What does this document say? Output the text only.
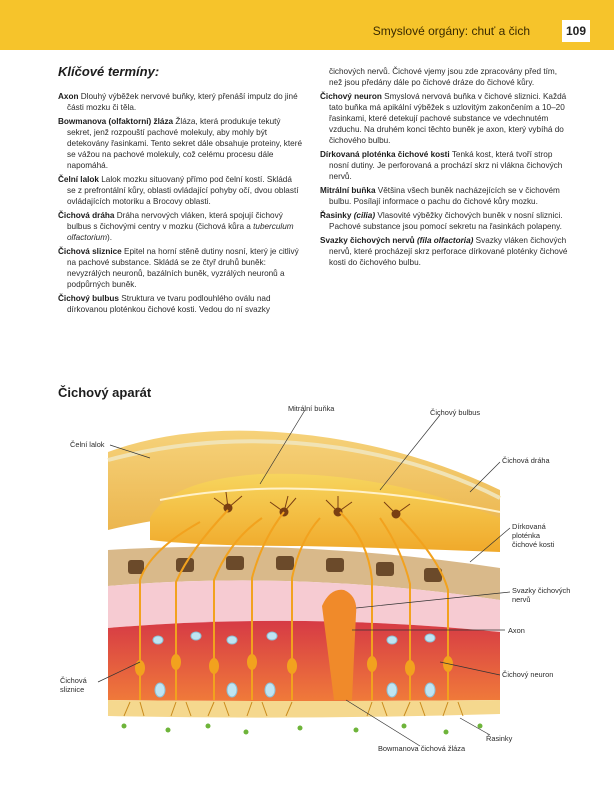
Smyslové orgány: chuť a čich	109
Klíčové termíny:
Axon Dlouhý výběžek nervové buňky, který přenáší impulz do jiné části mozku či těla.
Bowmanova (olfaktorní) žláza Žláza, která produkuje tekutý sekret, jenž rozpouští pachové molekuly, aby mohly být detekovány řasinkami. Tento sekret dále obsahuje proteiny, které se vážou na pachové molekuly, což celému procesu dále napomáhá.
Čelní lalok Lalok mozku situovaný přímo pod čelní kostí. Skládá se z prefrontální kůry, oblasti ovládající pohyby očí, dvou oblastí ovládajících motoriku a Brocovy oblasti.
Čichová dráha Dráha nervových vláken, která spojují čichový bulbus s čichovými centry v mozku (čichová kůra a tuberculum olfactorium).
Čichová sliznice Epitel na horní stěně dutiny nosní, který je citlivý na pachové substance. Skládá se ze čtyř druhů buněk: nevyzrálých neuronů, bazálních buněk, vyzrálých neuronů a podpůrných buněk.
Čichový bulbus Struktura ve tvaru podlouhlého oválu nad dírkovanou ploténkou čichové kosti. Vedou do ní svazky
čichových nervů. Čichové vjemy jsou zde zpracovány před tím, než jsou předány dále po čichové dráze do čichové kůry.
Čichový neuron Smyslová nervová buňka v čichové sliznici. Každá tato buňka má apikální výběžek s uzlovitým zakončením a 10–20 řasinkami, které detekují pachové substance ve vdechnutém vzduchu. Na druhém konci těchto buněk je axon, který vybíhá do čichového bulbu.
Dírkovaná ploténka čichové kosti Tenká kost, která tvoří strop nosní dutiny. Je perforovaná a prochází skrz ni vlákna čichových nervů.
Mitrální buňka Většina všech buněk nacházejících se v čichovém bulbu. Posílají informace o pachu do čichové kůry mozku.
Řasinky (cilia) Vlasovité výběžky čichových buněk v nosní sliznici. Pachové substance jsou pomocí sekretu na řasinkách polapeny.
Svazky čichových nervů (fila olfactoria) Svazky vláken čichových nervů, které procházejí skrz perforace dírkované ploténky čichové kosti do čichového bulbu.
Čichový aparát
Mitrální buňka	Čichový bulbus
Čelní lalok
Čichová dráha
Dírkovaná ploténka čichové kosti
Svazky čichových nervů
Axon
Čichový neuron
Čichová sliznice
Řasinky
Bowmanova čichová žláza
